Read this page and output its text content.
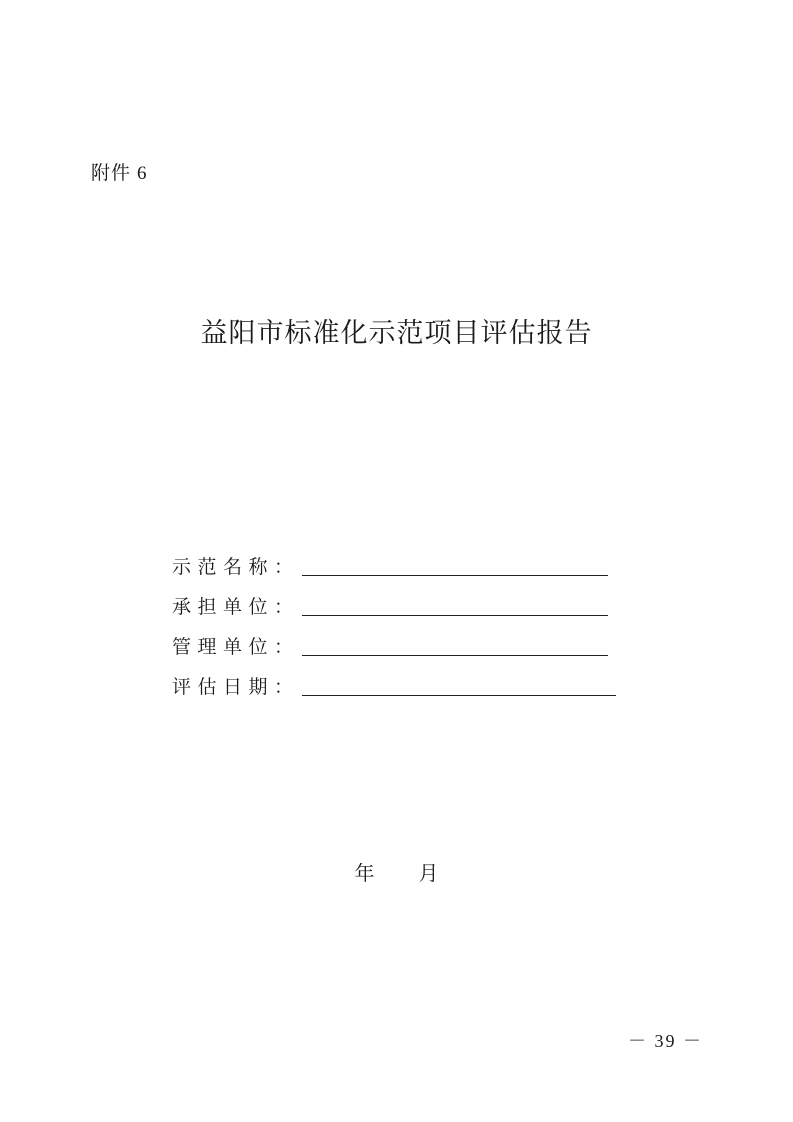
附件 6
益阳市标准化示范项目评估报告
示范名称：
承担单位：
管理单位：
评估日期：
年 月
－ 39 －
